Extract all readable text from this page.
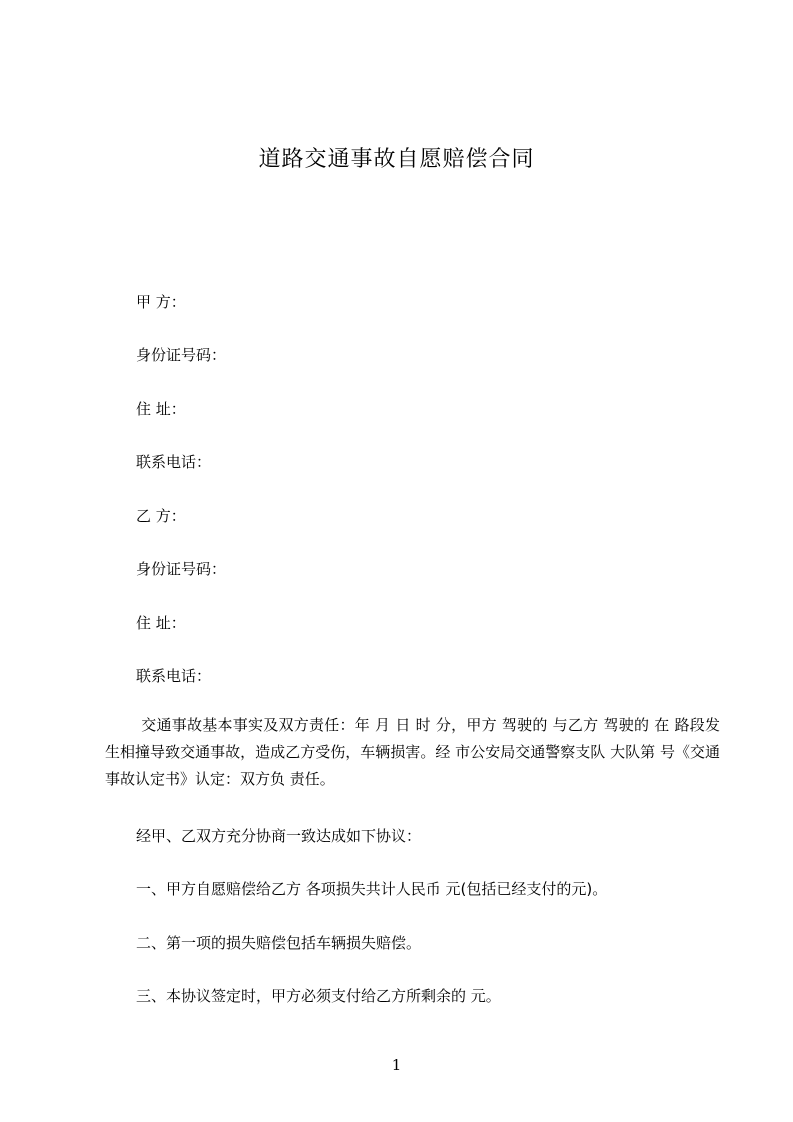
道路交通事故自愿赔偿合同
甲 方：
身份证号码：
住 址：
联系电话：
乙 方：
身份证号码：
住 址：
联系电话：
交通事故基本事实及双方责任：年 月 日 时 分，甲方 驾驶的 与乙方 驾驶的 在 路段发生相撞导致交通事故，造成乙方受伤，车辆损害。经 市公安局交通警察支队 大队第 号《交通事故认定书》认定：双方负 责任。
经甲、乙双方充分协商一致达成如下协议：
一、甲方自愿赔偿给乙方 各项损失共计人民币 元(包括已经支付的元)。
二、第一项的损失赔偿包括车辆损失赔偿。
三、本协议签定时，甲方必须支付给乙方所剩余的 元。
1
